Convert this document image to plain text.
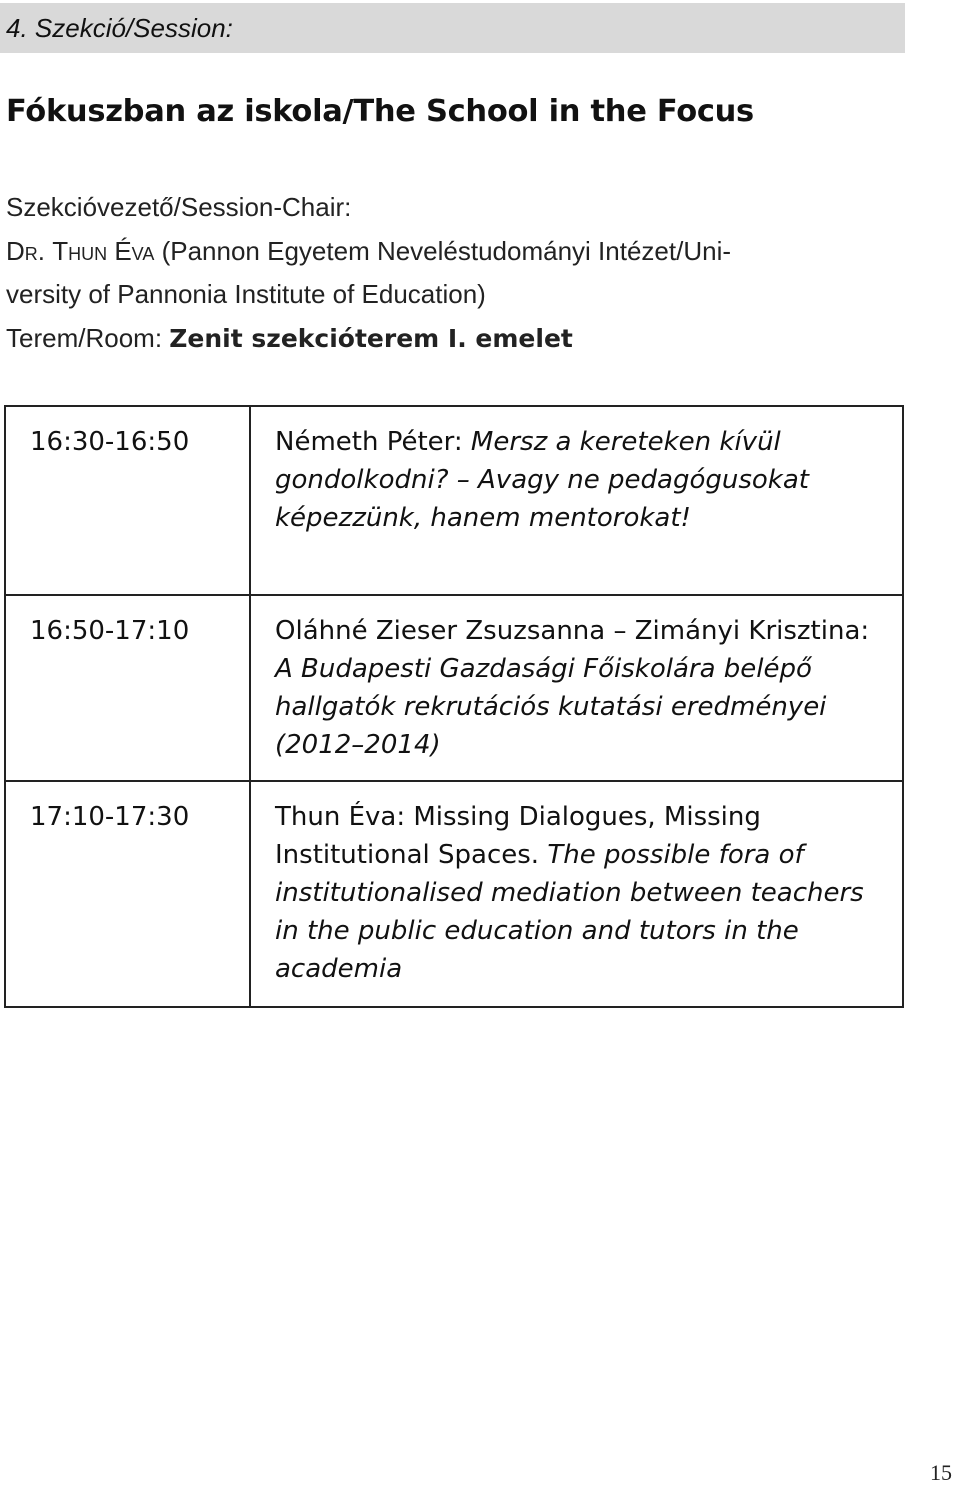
4. Szekció/Session:
Fókuszban az iskola/The School in the Focus

Szekcióvezető/Session-Chair:

Dr. Thun Éva (Pannon Egyetem Neveléstudományi Intézet/Uni-

versity of Pannonia Institute of Education)

Terem/Room: Zenit szekcióterem I. emelet

16:30-16:50	Németh Péter: Mersz a kereteken kívül gondolkodni? – Avagy ne pedagógusokat képezzünk, hanem mentorokat!
16:50-17:10	Oláhné Zieser Zsuzsanna – Zimányi Krisztina: A Budapesti Gazdasági Főiskolára belépő hallgatók rekrutációs kutatási eredményei (2012–2014)
17:10-17:30	Thun Éva: Missing Dialogues, Missing Institutional Spaces. The possible fora of institutionalised mediation between teachers in the public education and tutors in the academia
15
